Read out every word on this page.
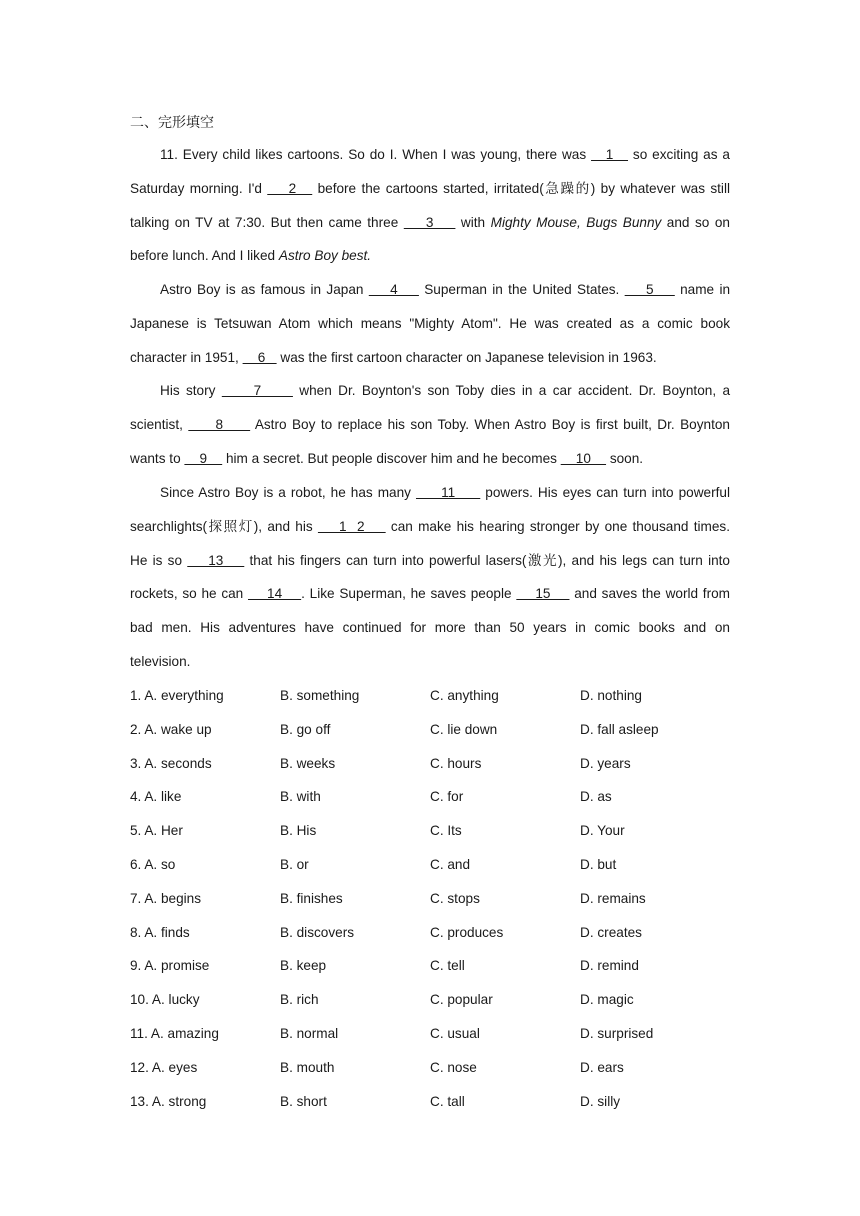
二、完形填空
11. Every child likes cartoons. So do I. When I was young, there was    1    so exciting as a
Saturday morning. I'd     2    before the cartoons started, irritated(急躁的) by whatever was still
talking on TV at 7:30. But then came three     3     with Mighty Mouse, Bugs Bunny and so on
before lunch. And I liked Astro Boy best.
Astro Boy is as famous in Japan     4     Superman in the United States.     5     name in
Japanese is Tetsuwan Atom which means "Mighty Atom". He was created as a comic book
character in 1951,     6    was the first cartoon character on Japanese television in 1963.
His story      7      when Dr. Boynton's son Toby dies in a car accident. Dr. Boynton, a
scientist,      8      Astro Boy to replace his son Toby. When Astro Boy is first built, Dr. Boynton
wants to     9     him a secret. But people discover him and he becomes     10     soon.
Since Astro Boy is a robot, he has many      11      powers. His eyes can turn into powerful
searchlights(探照灯), and his     1  2     can make his hearing stronger by one thousand times.
He is so     13     that his fingers can turn into powerful lasers(激光), and his legs can turn into
rockets, so he can     14    . Like Superman, he saves people     15     and saves the world from
bad men. His adventures have continued for more than 50 years in comic books and on
television.
1. A. everything	B. something	C. anything	D. nothing
2. A. wake up	B. go off	C. lie down	D. fall asleep
3. A. seconds	B. weeks	C. hours	D. years
4. A. like	B. with	C. for	D. as
5. A. Her	B. His	C. Its	D. Your
6. A. so	B. or	C. and	D. but
7. A. begins	B. finishes	C. stops	D. remains
8. A. finds	B. discovers	C. produces	D. creates
9. A. promise	B. keep	C. tell	D. remind
10. A. lucky	B. rich	C. popular	D. magic
11. A. amazing	B. normal	C. usual	D. surprised
12. A. eyes	B. mouth	C. nose	D. ears
13. A. strong	B. short	C. tall	D. silly
